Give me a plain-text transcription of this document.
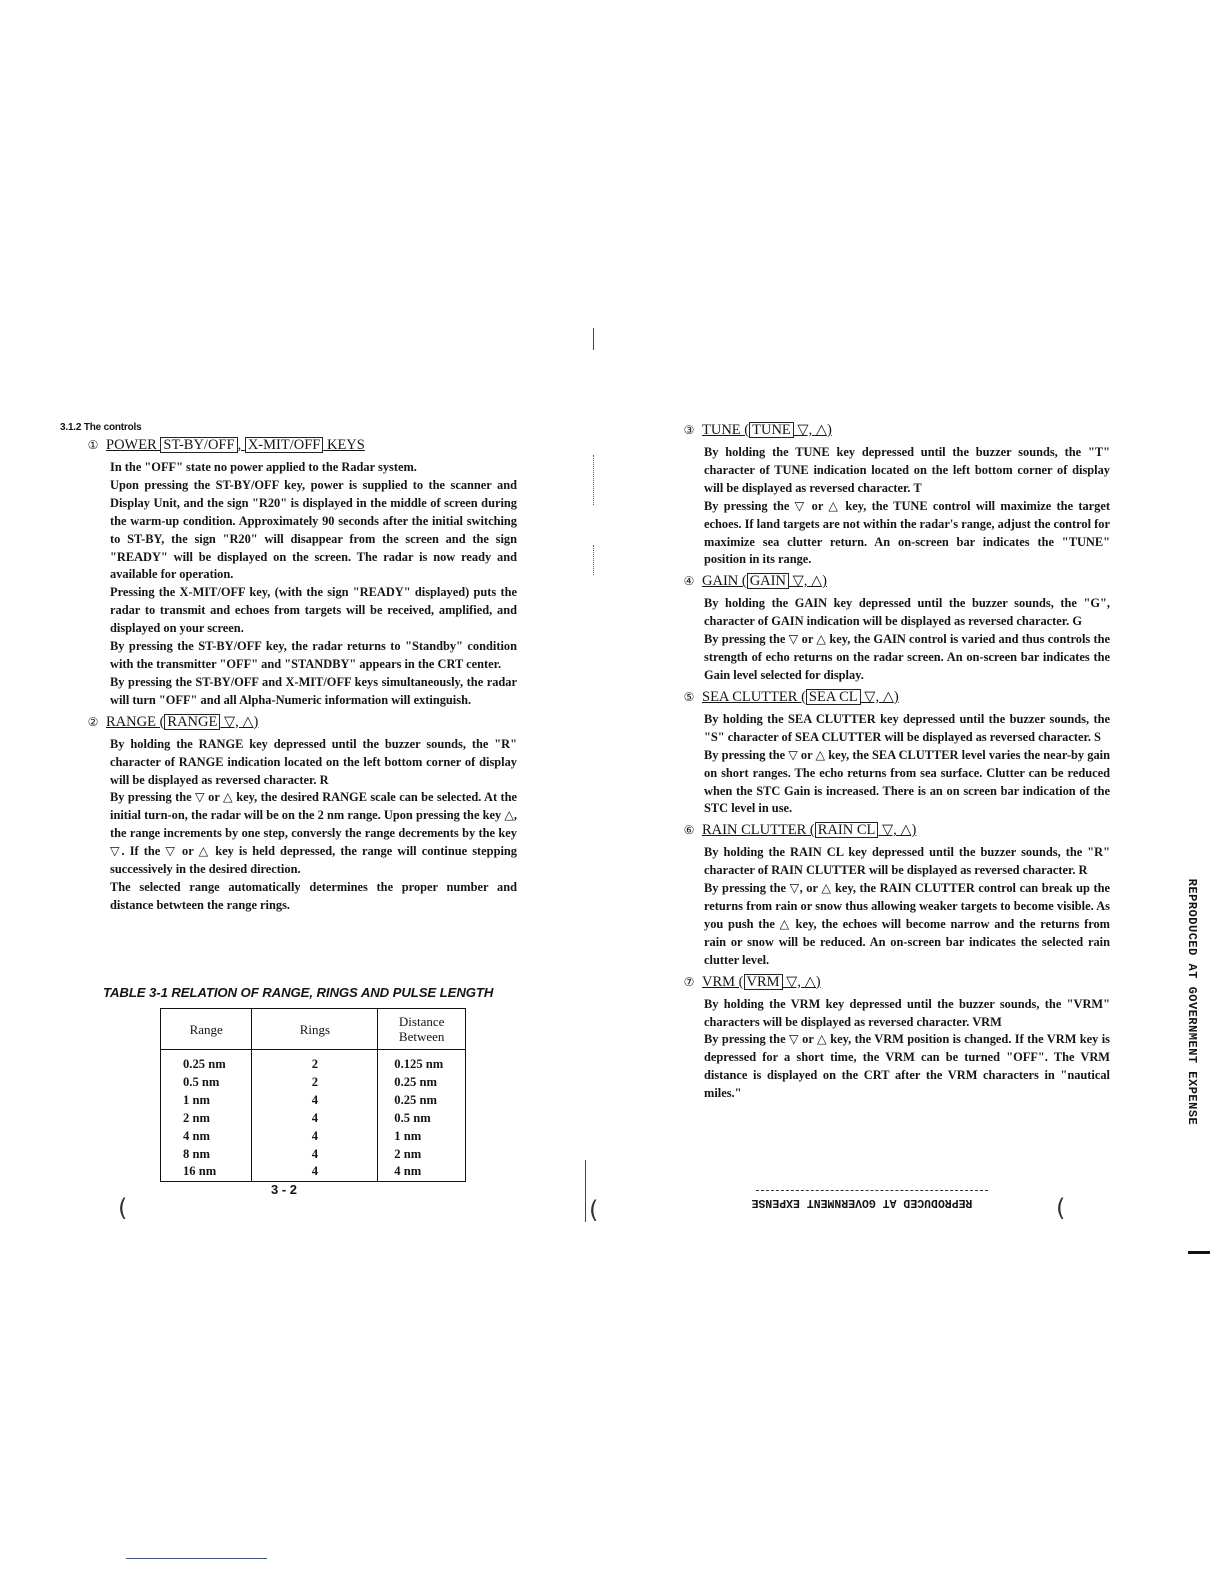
(	(	(
3.1.2 The controls
① POWER ST-BY/OFF , X-MIT/OFF KEYS

In the "OFF" state no power applied to the Radar system.

Upon pressing the ST-BY/OFF key, power is supplied to the scanner and Display Unit, and the sign "R20" is displayed in the middle of screen during the warm-up condition. Approximately 90 seconds after the initial switching to ST-BY, the sign "R20" will disappear from the screen and the sign "READY" will be displayed on the screen. The radar is now ready and available for operation.

Pressing the X-MIT/OFF key, (with the sign "READY" displayed) puts the radar to transmit and echoes from targets will be received, amplified, and displayed on your screen.

By pressing the ST-BY/OFF key, the radar returns to "Standby" condition with the transmitter "OFF" and "STANDBY" appears in the CRT center.

By pressing the ST-BY/OFF and X-MIT/OFF keys simultaneously, the radar will turn "OFF" and all Alpha-Numeric information will extinguish.

② RANGE ( RANGE ▽, △)

By holding the RANGE key depressed until the buzzer sounds, the "R" character of RANGE indication located on the left bottom corner of display will be displayed as reversed character. R

By pressing the ▽ or △ key, the desired RANGE scale can be selected. At the initial turn-on, the radar will be on the 2 nm range. Upon pressing the key △, the range increments by one step, conversly the range decrements by the key ▽. If the ▽ or △ key is held depressed, the range will continue stepping successively in the desired direction.

The selected range automatically determines the proper number and distance betwteen the range rings.

TABLE 3-1 RELATION OF RANGE, RINGS AND PULSE LENGTH
Range	Rings	Distance Between
0.25 nm	2	0.125 nm
0.5 nm	2	0.25 nm
1 nm	4	0.25 nm
2 nm	4	0.5 nm
4 nm	4	1 nm
8 nm	4	2 nm
16 nm	4	4 nm
3 - 2
③ TUNE ( TUNE ▽, △)

By holding the TUNE key depressed until the buzzer sounds, the "T" character of TUNE indication located on the left bottom corner of display will be displayed as reversed character. T

By pressing the ▽ or △ key, the TUNE control will maximize the target echoes. If land targets are not within the radar's range, adjust the control for maximize sea clutter return. An on-screen bar indicates the "TUNE" position in its range.

④ GAIN ( GAIN ▽, △)

By holding the GAIN key depressed until the buzzer sounds, the "G", character of GAIN indication will be displayed as reversed character. G

By pressing the ▽ or △ key, the GAIN control is varied and thus controls the strength of echo returns on the radar screen. An on-screen bar indicates the Gain level selected for display.

⑤ SEA CLUTTER ( SEA CL ▽, △)

By holding the SEA CLUTTER key depressed until the buzzer sounds, the "S" character of SEA CLUTTER will be displayed as reversed character. S

By pressing the ▽ or △ key, the SEA CLUTTER level varies the near-by gain on short ranges. The echo returns from sea surface. Clutter can be reduced when the STC Gain is increased. There is an on screen bar indication of the STC level in use.

⑥ RAIN CLUTTER ( RAIN CL ▽, △)

By holding the RAIN CL key depressed until the buzzer sounds, the "R" character of RAIN CLUTTER will be displayed as reversed character. R

By pressing the ▽, or △ key, the RAIN CLUTTER control can break up the returns from rain or snow thus allowing weaker targets to become visible. As you push the △ key, the echoes will become narrow and the returns from rain or snow will be reduced. An on-screen bar indicates the selected rain clutter level.

⑦ VRM ( VRM ▽, △)

By holding the VRM key depressed until the buzzer sounds, the "VRM" characters will be displayed as reversed character. VRM

By pressing the ▽ or △ key, the VRM position is changed. If the VRM key is depressed for a short time, the VRM can be turned "OFF". The VRM distance is displayed on the CRT after the VRM characters in "nautical miles."	REPRODUCED AT GOVERNMENT EXPENSE
REPRODUCED AT GOVERNMENT EXPENSE
